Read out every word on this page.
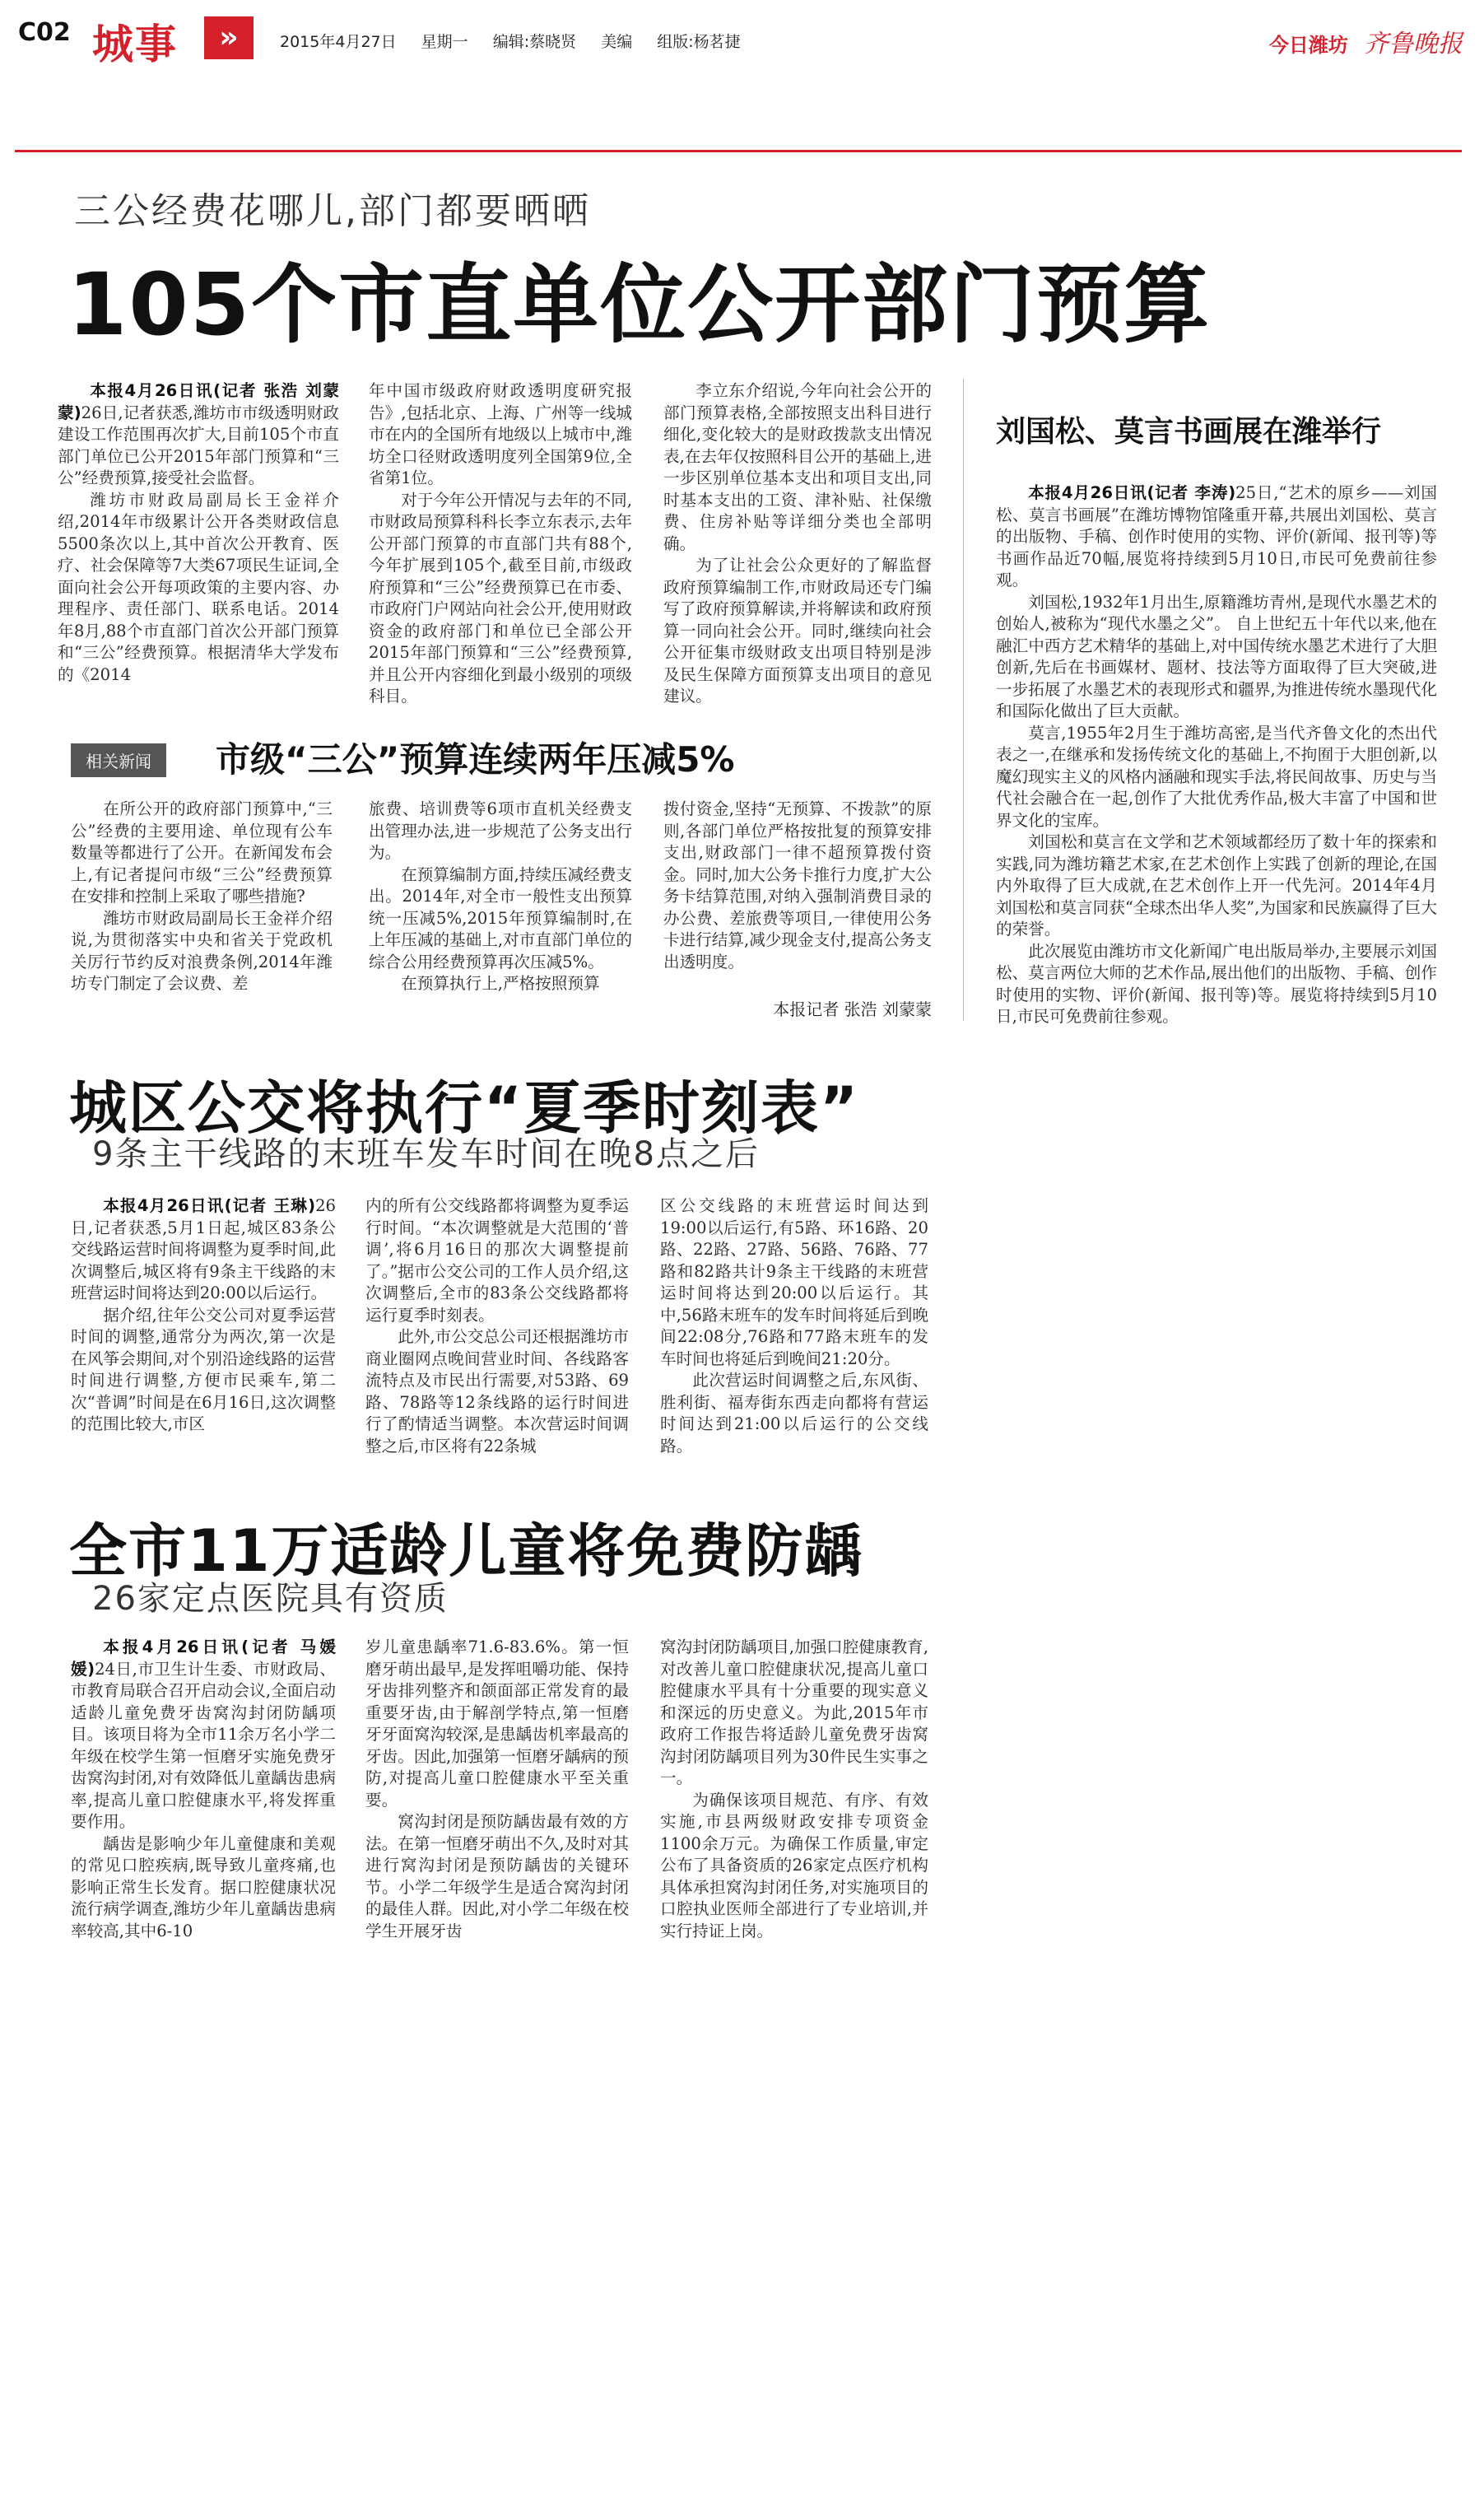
C02 城事	»	2015年4月27日 星期一 编辑:蔡晓贤 美编 组版:杨茗捷	今日潍坊 齐鲁晚报
三公经费花哪儿,部门都要晒晒
105个市直单位公开部门预算
本报4月26日讯(记者 张浩 刘蒙蒙)26日,记者获悉,潍坊市市级透明财政建设工作范围再次扩大,目前105个市直部门单位已公开2015年部门预算和“三公”经费预算,接受社会监督。
潍坊市财政局副局长王金祥介绍,2014年市级累计公开各类财政信息5500条次以上,其中首次公开教育、医疗、社会保障等7大类67项民生证词,全面向社会公开每项政策的主要内容、办理程序、责任部门、联系电话。2014年8月,88个市直部门首次公开部门预算和“三公”经费预算。根据清华大学发布的《2014
年中国市级政府财政透明度研究报告》,包括北京、上海、广州等一线城市在内的全国所有地级以上城市中,潍坊全口径财政透明度列全国第9位,全省第1位。
对于今年公开情况与去年的不同,市财政局预算科科长李立东表示,去年公开部门预算的市直部门共有88个,今年扩展到105个,截至目前,市级政府预算和“三公”经费预算已在市委、市政府门户网站向社会公开,使用财政资金的政府部门和单位已全部公开2015年部门预算和“三公”经费预算,并且公开内容细化到最小级别的项级科目。
李立东介绍说,今年向社会公开的部门预算表格,全部按照支出科目进行细化,变化较大的是财政拨款支出情况表,在去年仅按照科目公开的基础上,进一步区别单位基本支出和项目支出,同时基本支出的工资、津补贴、社保缴费、住房补贴等详细分类也全部明确。
为了让社会公众更好的了解监督政府预算编制工作,市财政局还专门编写了政府预算解读,并将解读和政府预算一同向社会公开。同时,继续向社会公开征集市级财政支出项目特别是涉及民生保障方面预算支出项目的意见建议。
相关新闻	市级“三公”预算连续两年压减5%
在所公开的政府部门预算中,“三公”经费的主要用途、单位现有公车数量等都进行了公开。在新闻发布会上,有记者提问市级“三公”经费预算在安排和控制上采取了哪些措施?
潍坊市财政局副局长王金祥介绍说,为贯彻落实中央和省关于党政机关厉行节约反对浪费条例,2014年潍坊专门制定了会议费、差
旅费、培训费等6项市直机关经费支出管理办法,进一步规范了公务支出行为。
在预算编制方面,持续压减经费支出。2014年,对全市一般性支出预算统一压减5%,2015年预算编制时,在上年压减的基础上,对市直部门单位的综合公用经费预算再次压减5%。
在预算执行上,严格按照预算
拨付资金,坚持“无预算、不拨款”的原则,各部门单位严格按批复的预算安排支出,财政部门一律不超预算拨付资金。同时,加大公务卡推行力度,扩大公务卡结算范围,对纳入强制消费目录的办公费、差旅费等项目,一律使用公务卡进行结算,减少现金支付,提高公务支出透明度。
本报记者 张浩 刘蒙蒙
刘国松、莫言书画展在潍举行
本报4月26日讯(记者 李涛)25日,“艺术的原乡——刘国松、莫言书画展”在潍坊博物馆隆重开幕,共展出刘国松、莫言的出版物、手稿、创作时使用的实物、评价(新闻、报刊等)等书画作品近70幅,展览将持续到5月10日,市民可免费前往参观。
刘国松,1932年1月出生,原籍潍坊青州,是现代水墨艺术的创始人,被称为“现代水墨之父”。 自上世纪五十年代以来,他在融汇中西方艺术精华的基础上,对中国传统水墨艺术进行了大胆创新,先后在书画媒材、题材、技法等方面取得了巨大突破,进一步拓展了水墨艺术的表现形式和疆界,为推进传统水墨现代化和国际化做出了巨大贡献。
莫言,1955年2月生于潍坊高密,是当代齐鲁文化的杰出代表之一,在继承和发扬传统文化的基础上,不拘囿于大胆创新,以魔幻现实主义的风格内涵融和现实手法,将民间故事、历史与当代社会融合在一起,创作了大批优秀作品,极大丰富了中国和世界文化的宝库。
刘国松和莫言在文学和艺术领域都经历了数十年的探索和实践,同为潍坊籍艺术家,在艺术创作上实践了创新的理论,在国内外取得了巨大成就,在艺术创作上开一代先河。2014年4月刘国松和莫言同获“全球杰出华人奖”,为国家和民族赢得了巨大的荣誉。
此次展览由潍坊市文化新闻广电出版局举办,主要展示刘国松、莫言两位大师的艺术作品,展出他们的出版物、手稿、创作时使用的实物、评价(新闻、报刊等)等。展览将持续到5月10日,市民可免费前往参观。
城区公交将执行“夏季时刻表”
9条主干线路的末班车发车时间在晚8点之后
本报4月26日讯(记者 王琳)26日,记者获悉,5月1日起,城区83条公交线路运营时间将调整为夏季时间,此次调整后,城区将有9条主干线路的末班营运时间将达到20:00以后运行。
据介绍,往年公交公司对夏季运营时间的调整,通常分为两次,第一次是在风筝会期间,对个别沿途线路的运营时间进行调整,方便市民乘车,第二次“普调”时间是在6月16日,这次调整的范围比较大,市区
内的所有公交线路都将调整为夏季运行时间。“本次调整就是大范围的‘普调’,将6月16日的那次大调整提前了。”据市公交公司的工作人员介绍,这次调整后,全市的83条公交线路都将运行夏季时刻表。
此外,市公交总公司还根据潍坊市商业圈网点晚间营业时间、各线路客流特点及市民出行需要,对53路、69路、78路等12条线路的运行时间进行了酌情适当调整。本次营运时间调整之后,市区将有22条城
区公交线路的末班营运时间达到19:00以后运行,有5路、环16路、20路、22路、27路、56路、76路、77路和82路共计9条主干线路的末班营运时间将达到20:00以后运行。其中,56路末班车的发车时间将延后到晚间22:08分,76路和77路末班车的发车时间也将延后到晚间21:20分。
此次营运时间调整之后,东风街、胜利街、福寿街东西走向都将有营运时间达到21:00以后运行的公交线路。
全市11万适龄儿童将免费防龋
26家定点医院具有资质
本报4月26日讯(记者 马媛媛)24日,市卫生计生委、市财政局、市教育局联合召开启动会议,全面启动适龄儿童免费牙齿窝沟封闭防龋项目。该项目将为全市11余万名小学二年级在校学生第一恒磨牙实施免费牙齿窝沟封闭,对有效降低儿童龋齿患病率,提高儿童口腔健康水平,将发挥重要作用。
龋齿是影响少年儿童健康和美观的常见口腔疾病,既导致儿童疼痛,也影响正常生长发育。据口腔健康状况流行病学调查,潍坊少年儿童龋齿患病率较高,其中6-10
岁儿童患龋率71.6-83.6%。第一恒磨牙萌出最早,是发挥咀嚼功能、保持牙齿排列整齐和颌面部正常发育的最重要牙齿,由于解剖学特点,第一恒磨牙牙面窝沟较深,是患龋齿机率最高的牙齿。因此,加强第一恒磨牙龋病的预防,对提高儿童口腔健康水平至关重要。
窝沟封闭是预防龋齿最有效的方法。在第一恒磨牙萌出不久,及时对其进行窝沟封闭是预防龋齿的关键环节。小学二年级学生是适合窝沟封闭的最佳人群。因此,对小学二年级在校学生开展牙齿
窝沟封闭防龋项目,加强口腔健康教育,对改善儿童口腔健康状况,提高儿童口腔健康水平具有十分重要的现实意义和深远的历史意义。为此,2015年市政府工作报告将适龄儿童免费牙齿窝沟封闭防龋项目列为30件民生实事之一。
为确保该项目规范、有序、有效实施,市县两级财政安排专项资金1100余万元。为确保工作质量,审定公布了具备资质的26家定点医疗机构具体承担窝沟封闭任务,对实施项目的口腔执业医师全部进行了专业培训,并实行持证上岗。
